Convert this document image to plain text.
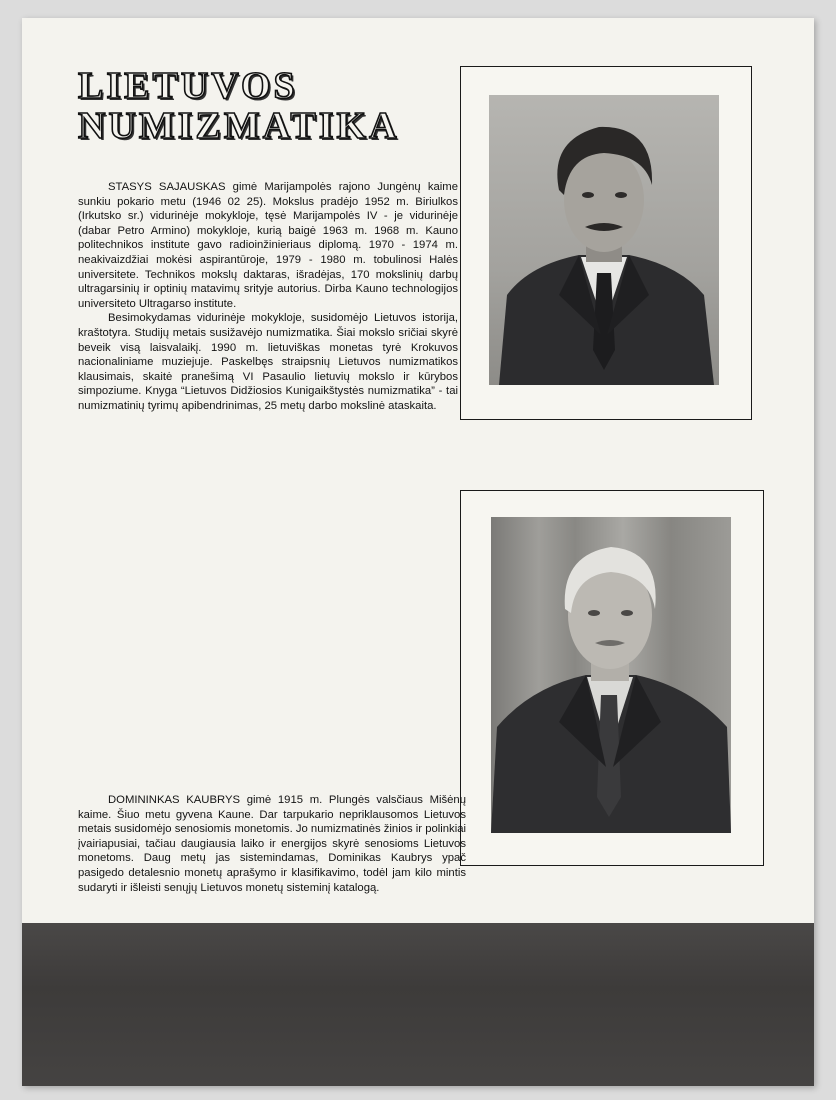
LIETUVOS
NUMIZMATIKA

STASYS SAJAUSKAS gimė Marijampolės rajono Jungėnų kaime sunkiu pokario metu (1946 02 25). Mokslus pradėjo 1952 m. Biriulkos (Irkutsko sr.) vidurinėje mokykloje, tęsė Marijampolės IV - je vidurinėje (dabar Petro Armino) mokykloje, kurią baigė 1963 m. 1968 m. Kauno politechnikos institute gavo radioinžinieriaus diplomą. 1970 - 1974 m. neakivaizdžiai mokėsi aspirantūroje, 1979 - 1980 m. tobulinosi Halės universitete. Technikos mokslų daktaras, išradėjas, 170 mokslinių darbų ultragarsinių ir optinių matavimų srityje autorius. Dirba Kauno technologijos universiteto Ultragarso institute.

Besimokydamas vidurinėje mokykloje, susidomėjo Lietuvos istorija, kraštotyra. Studijų metais susižavėjo numizmatika. Šiai mokslo sričiai skyrė beveik visą laisvalaikį. 1990 m. lietuviškas monetas tyrė Krokuvos nacionaliniame muziejuje. Paskelbęs straipsnių Lietuvos numizmatikos klausimais, skaitė pranešimą VI Pasaulio lietuvių mokslo ir kūrybos simpoziume. Knyga “Lietuvos Didžiosios Kunigaikštystės numizmatika” - tai numizmatinių tyrimų apibendrinimas, 25 metų darbo mokslinė ataskaita.

DOMININKAS KAUBRYS gimė 1915 m. Plungės valsčiaus Mišėnų kaime. Šiuo metu gyvena Kaune. Dar tarpukario nepriklausomos Lietuvos metais susidomėjo senosiomis monetomis. Jo numizmatinės žinios ir polinkiai įvairiapusiai, tačiau daugiausia laiko ir energijos skyrė senosioms Lietuvos monetoms. Daug metų jas sistemindamas, Dominikas Kaubrys ypač pasigedo detalesnio monetų aprašymo ir klasifikavimo, todėl jam kilo mintis sudaryti ir išleisti senųjų Lietuvos monetų sisteminį katalogą.
